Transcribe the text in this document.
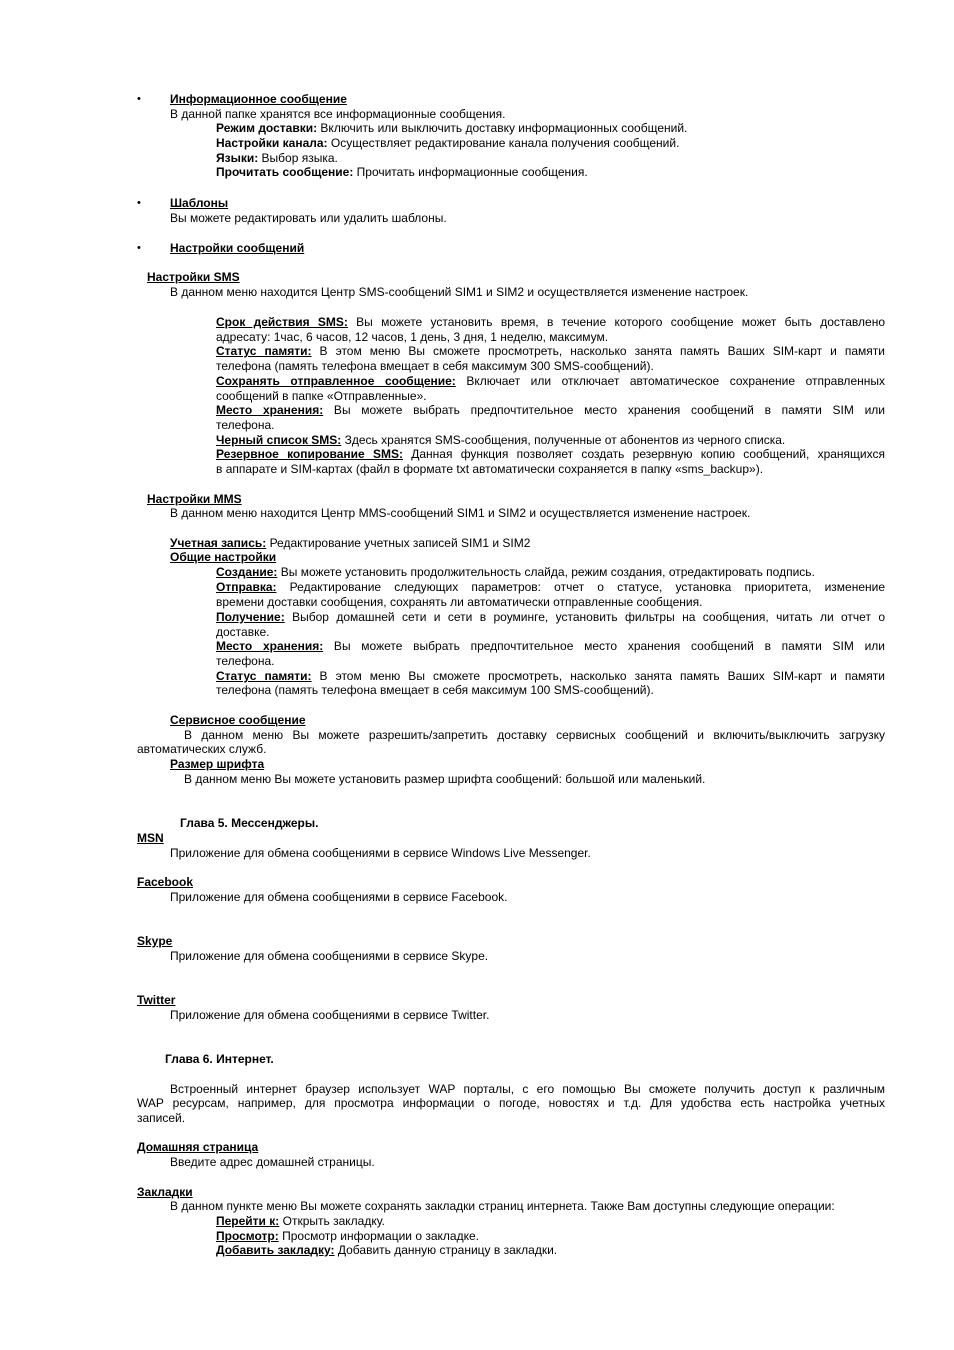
• Информационное сообщение
В данной папке хранятся все информационные сообщения.
Режим доставки: Включить или выключить доставку информационных сообщений.
Настройки канала: Осуществляет редактирование канала получения сообщений.
Языки: Выбор языка.
Прочитать сообщение: Прочитать информационные сообщения.
• Шаблоны
Вы можете редактировать или удалить шаблоны.
• Настройки сообщений
Настройки SMS
В данном меню находится Центр SMS-сообщений SIM1 и SIM2 и осуществляется изменение настроек.
Срок действия SMS: Вы можете установить время, в течение которого сообщение может быть доставлено
адресату: 1час, 6 часов, 12 часов, 1 день, 3 дня, 1 неделю, максимум.
Статус памяти: В этом меню Вы сможете просмотреть, насколько занята память Ваших SIM-карт и памяти
телефона (память телефона вмещает в себя максимум 300 SMS-сообщений).
Сохранять отправленное сообщение: Включает или отключает автоматическое сохранение отправленных
сообщений в папке «Отправленные».
Место хранения: Вы можете выбрать предпочтительное место хранения сообщений в памяти SIM или
телефона.
Черный список SMS: Здесь хранятся SMS-сообщения, полученные от абонентов из черного списка.
Резервное копирование SMS: Данная функция позволяет создать резервную копию сообщений, хранящихся
в аппарате и SIM-картах (файл в формате txt автоматически сохраняется в папку «sms_backup»).
Настройки MMS
В данном меню находится Центр MMS-сообщений SIM1 и SIM2 и осуществляется изменение настроек.
Учетная запись: Редактирование учетных записей SIM1 и SIM2
Общие настройки
Создание: Вы можете установить продолжительность слайда, режим создания, отредактировать подпись.
Отправка: Редактирование следующих параметров: отчет о статусе, установка приоритета, изменение
времени доставки сообщения, сохранять ли автоматически отправленные сообщения.
Получение: Выбор домашней сети и сети в роуминге, установить фильтры на сообщения, читать ли отчет о
доставке.
Место хранения: Вы можете выбрать предпочтительное место хранения сообщений в памяти SIM или
телефона.
Статус памяти: В этом меню Вы сможете просмотреть, насколько занята память Ваших SIM-карт и памяти
телефона (память телефона вмещает в себя максимум 100 SMS-сообщений).
Сервисное сообщение
В данном меню Вы можете разрешить/запретить доставку сервисных сообщений и включить/выключить загрузку
автоматических служб.
Размер шрифта
В данном меню Вы можете установить размер шрифта сообщений: большой или маленький.
Глава 5. Мессенджеры.
MSN
Приложение для обмена сообщениями в сервисе Windows Live Messenger.
Facebook
Приложение для обмена сообщениями в сервисе Facebook.
Skype
Приложение для обмена сообщениями в сервисе Skype.
Twitter
Приложение для обмена сообщениями в сервисе Twitter.
Глава 6. Интернет.
Встроенный интернет браузер использует WAP порталы, с его помощью Вы сможете получить доступ к различным
WAP ресурсам, например, для просмотра информации о погоде, новостях и т.д. Для удобства есть настройка учетных
записей.
Домашняя страница
Введите адрес домашней страницы.
Закладки
В данном пункте меню Вы можете сохранять закладки страниц интернета. Также Вам доступны следующие операции:
Перейти к: Открыть закладку.
Просмотр: Просмотр информации о закладке.
Добавить закладку: Добавить данную страницу в закладки.
